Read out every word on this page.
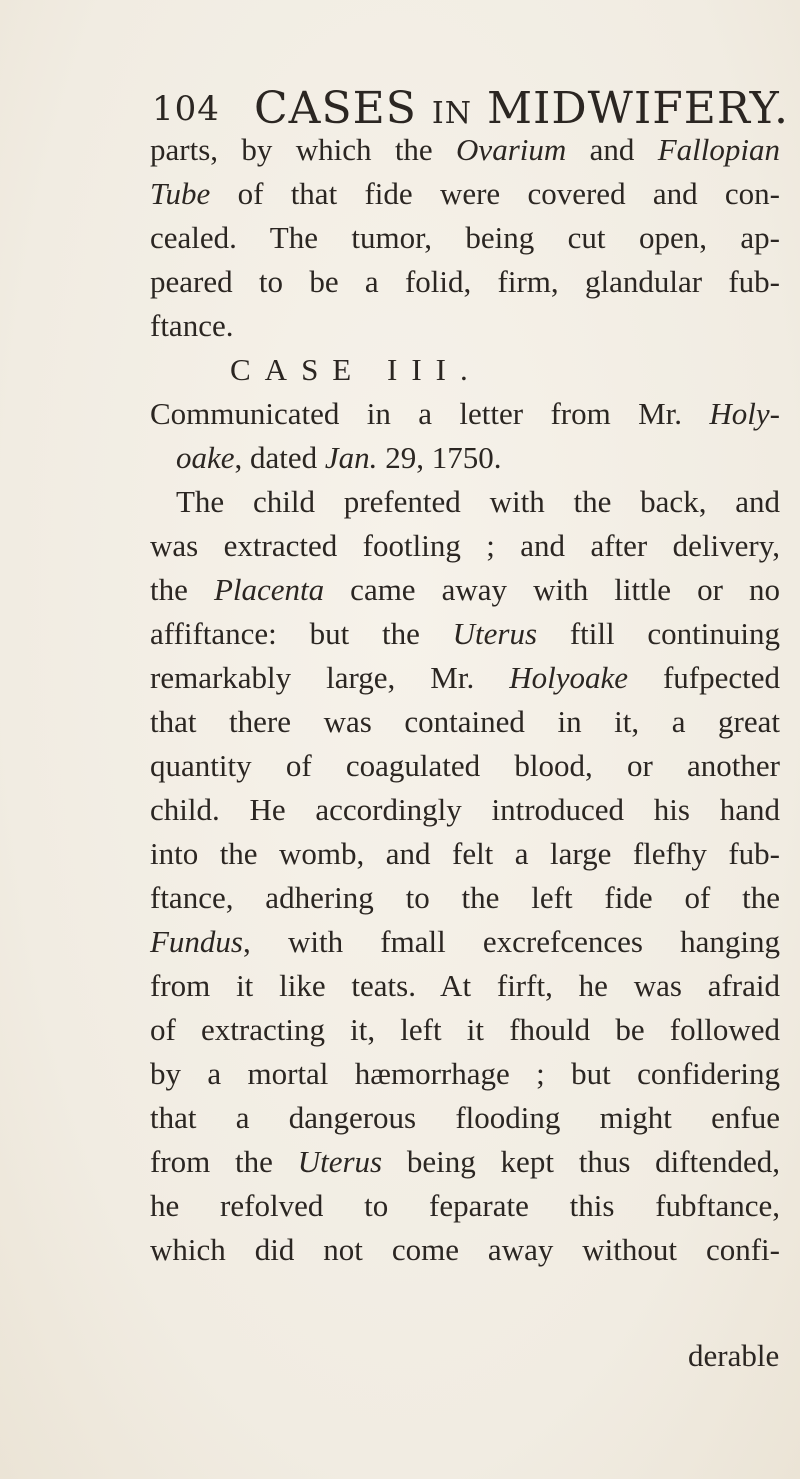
104 CASES IN MIDWIFERY.
parts, by which the Ovarium and Fallopian
Tube of that fide were covered and con-
cealed. The tumor, being cut open, ap-
peared to be a folid, firm, glandular fub-
ftance.
CASE III.
Communicated in a letter from Mr. Holy-
oake, dated Jan. 29, 1750.
The child prefented with the back, and
was extracted footling ; and after delivery,
the Placenta came away with little or no
affiftance: but the Uterus ftill continuing
remarkably large, Mr. Holyoake fufpected
that there was contained in it, a great
quantity of coagulated blood, or another
child. He accordingly introduced his hand
into the womb, and felt a large flefhy fub-
ftance, adhering to the left fide of the
Fundus, with fmall excrefcences hanging
from it like teats. At firft, he was afraid
of extracting it, left it fhould be followed
by a mortal hæmorrhage ; but confidering
that a dangerous flooding might enfue
from the Uterus being kept thus diftended,
he refolved to feparate this fubftance,
which did not come away without confi-
derable
